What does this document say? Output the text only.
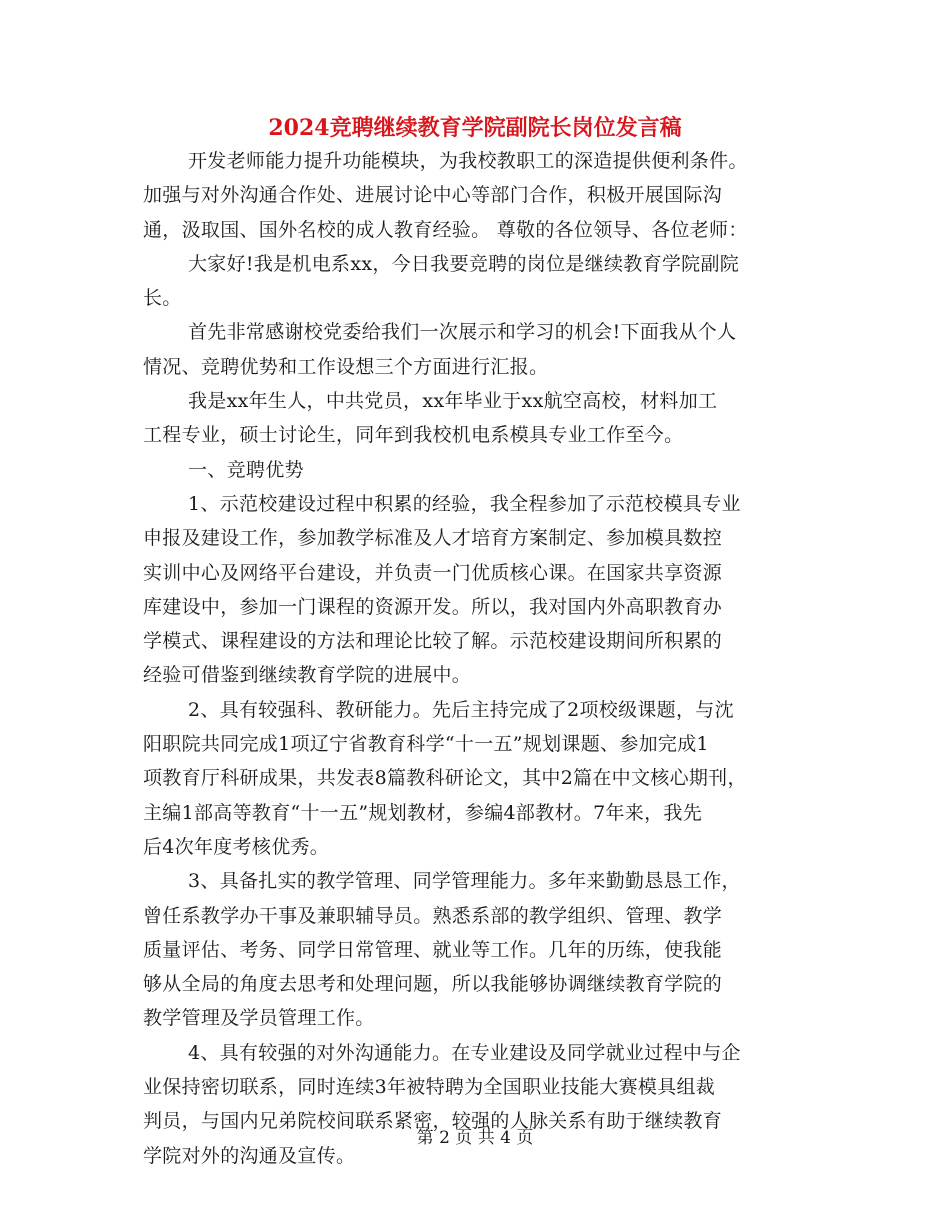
2024竞聘继续教育学院副院长岗位发言稿
开发老师能力提升功能模块，为我校教职工的深造提供便利条件。
加强与对外沟通合作处、进展讨论中心等部门合作，积极开展国际沟
通，汲取国、国外名校的成人教育经验。 尊敬的各位领导、各位老师：
大家好!我是机电系xx，今日我要竞聘的岗位是继续教育学院副院
长。
首先非常感谢校党委给我们一次展示和学习的机会!下面我从个人
情况、竞聘优势和工作设想三个方面进行汇报。
我是xx年生人，中共党员，xx年毕业于xx航空高校，材料加工
工程专业，硕士讨论生，同年到我校机电系模具专业工作至今。
一、竞聘优势
1、示范校建设过程中积累的经验，我全程参加了示范校模具专业
申报及建设工作，参加教学标准及人才培育方案制定、参加模具数控
实训中心及网络平台建设，并负责一门优质核心课。在国家共享资源
库建设中，参加一门课程的资源开发。所以，我对国内外高职教育办
学模式、课程建设的方法和理论比较了解。示范校建设期间所积累的
经验可借鉴到继续教育学院的进展中。
2、具有较强科、教研能力。先后主持完成了2项校级课题，与沈
阳职院共同完成1项辽宁省教育科学“十一五”规划课题、参加完成1
项教育厅科研成果，共发表8篇教科研论文，其中2篇在中文核心期刊，
主编1部高等教育“十一五”规划教材，参编4部教材。7年来，我先
后4次年度考核优秀。
3、具备扎实的教学管理、同学管理能力。多年来勤勤恳恳工作，
曾任系教学办干事及兼职辅导员。熟悉系部的教学组织、管理、教学
质量评估、考务、同学日常管理、就业等工作。几年的历练，使我能
够从全局的角度去思考和处理问题，所以我能够协调继续教育学院的
教学管理及学员管理工作。
4、具有较强的对外沟通能力。在专业建设及同学就业过程中与企
业保持密切联系，同时连续3年被特聘为全国职业技能大赛模具组裁
判员，与国内兄弟院校间联系紧密，较强的人脉关系有助于继续教育
学院对外的沟通及宣传。
第 2 页 共 4 页
